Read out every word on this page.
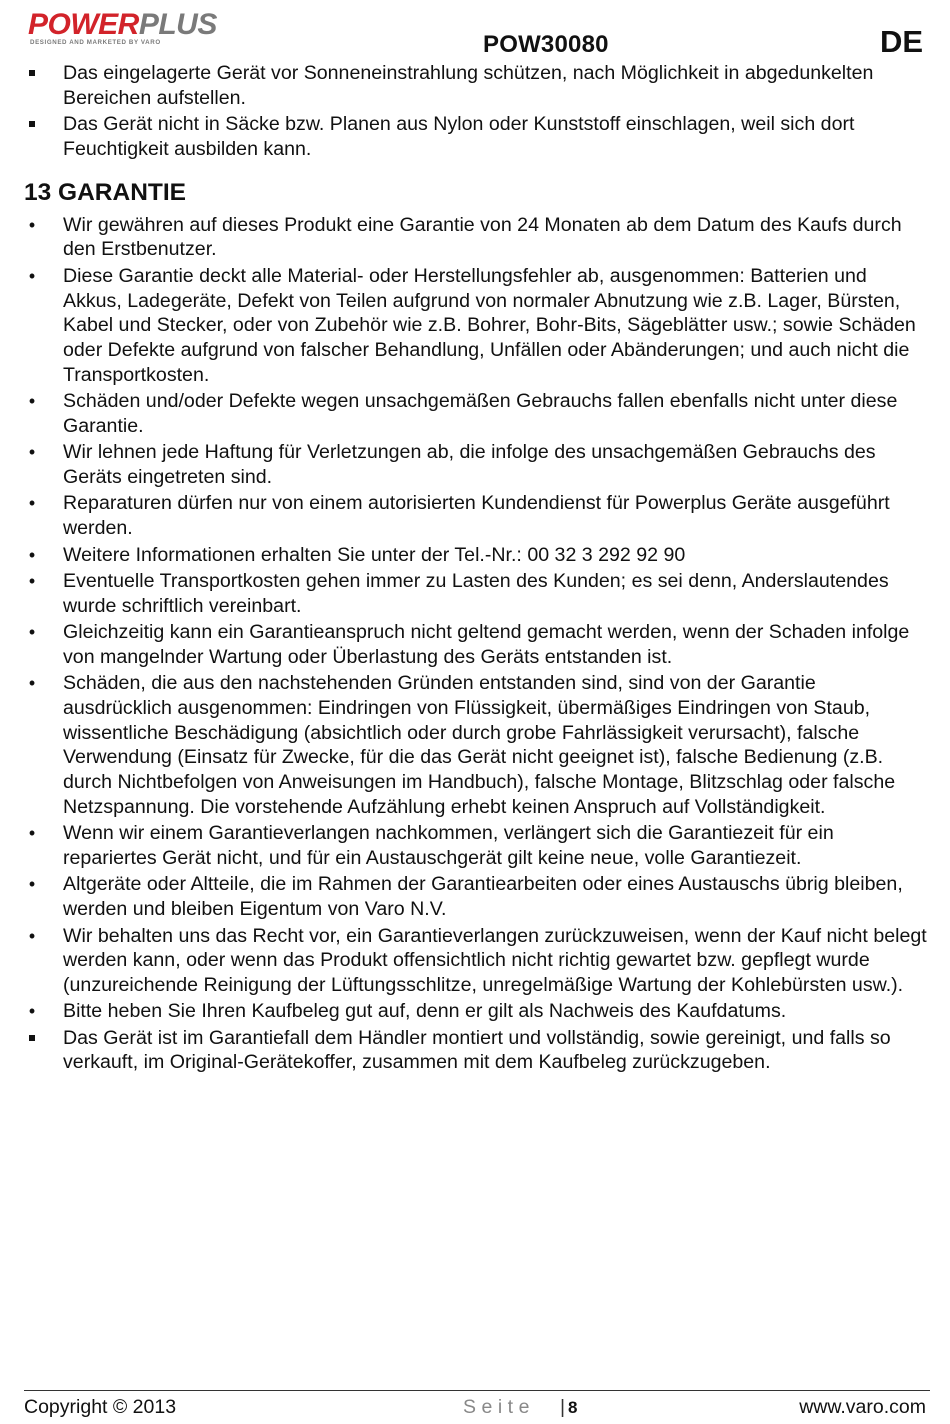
POWERPLUS
DESIGNED AND MARKETED BY VARO	POW30080	DE
Das eingelagerte Gerät vor Sonneneinstrahlung schützen, nach Möglichkeit in abgedunkelten Bereichen aufstellen.
Das Gerät nicht in Säcke bzw. Planen aus Nylon oder Kunststoff einschlagen, weil sich dort Feuchtigkeit ausbilden kann.
13 GARANTIE
•
Wir gewähren auf dieses Produkt eine Garantie von 24 Monaten ab dem Datum des Kaufs durch den Erstbenutzer.
•
Diese Garantie deckt alle Material- oder Herstellungsfehler ab, ausgenommen: Batterien und Akkus, Ladegeräte, Defekt von Teilen aufgrund von normaler Abnutzung wie z.B. Lager, Bürsten, Kabel und Stecker, oder von Zubehör wie z.B. Bohrer, Bohr-Bits, Sägeblätter usw.; sowie Schäden oder Defekte aufgrund von falscher Behandlung, Unfällen oder Abänderungen; und auch nicht die Transportkosten.
•
Schäden und/oder Defekte wegen unsachgemäßen Gebrauchs fallen ebenfalls nicht unter diese Garantie.
•
Wir lehnen jede Haftung für Verletzungen ab, die infolge des unsachgemäßen Gebrauchs des Geräts eingetreten sind.
•
Reparaturen dürfen nur von einem autorisierten Kundendienst für Powerplus Geräte ausgeführt werden.
•
Weitere Informationen erhalten Sie unter der Tel.-Nr.: 00 32 3 292 92 90
•
Eventuelle Transportkosten gehen immer zu Lasten des Kunden; es sei denn, Anderslautendes wurde schriftlich vereinbart.
•
Gleichzeitig kann ein Garantieanspruch nicht geltend gemacht werden, wenn der Schaden infolge von mangelnder Wartung oder Überlastung des Geräts entstanden ist.
•
Schäden, die aus den nachstehenden Gründen entstanden sind, sind von der Garantie ausdrücklich ausgenommen: Eindringen von Flüssigkeit, übermäßiges Eindringen von Staub, wissentliche Beschädigung (absichtlich oder durch grobe Fahrlässigkeit verursacht), falsche Verwendung (Einsatz für Zwecke, für die das Gerät nicht geeignet ist), falsche Bedienung (z.B. durch Nichtbefolgen von Anweisungen im Handbuch), falsche Montage, Blitzschlag oder falsche Netzspannung. Die vorstehende Aufzählung erhebt keinen Anspruch auf Vollständigkeit.
•
Wenn wir einem Garantieverlangen nachkommen, verlängert sich die Garantiezeit für ein repariertes Gerät nicht, und für ein Austauschgerät gilt keine neue, volle Garantiezeit.
•
Altgeräte oder Altteile, die im Rahmen der Garantiearbeiten oder eines Austauschs übrig bleiben, werden und bleiben Eigentum von Varo N.V.
•
Wir behalten uns das Recht vor, ein Garantieverlangen zurückzuweisen, wenn der Kauf nicht belegt werden kann, oder wenn das Produkt offensichtlich nicht richtig gewartet bzw. gepflegt wurde (unzureichende Reinigung der Lüftungsschlitze, unregelmäßige Wartung der Kohlebürsten usw.).
•
Bitte heben Sie Ihren Kaufbeleg gut auf, denn er gilt als Nachweis des Kaufdatums.
Das Gerät ist im Garantiefall dem Händler montiert und vollständig, sowie gereinigt, und falls so verkauft, im Original-Gerätekoffer, zusammen mit dem Kaufbeleg zurückzugeben.
Copyright © 2013	Seite | 8	www.varo.com
